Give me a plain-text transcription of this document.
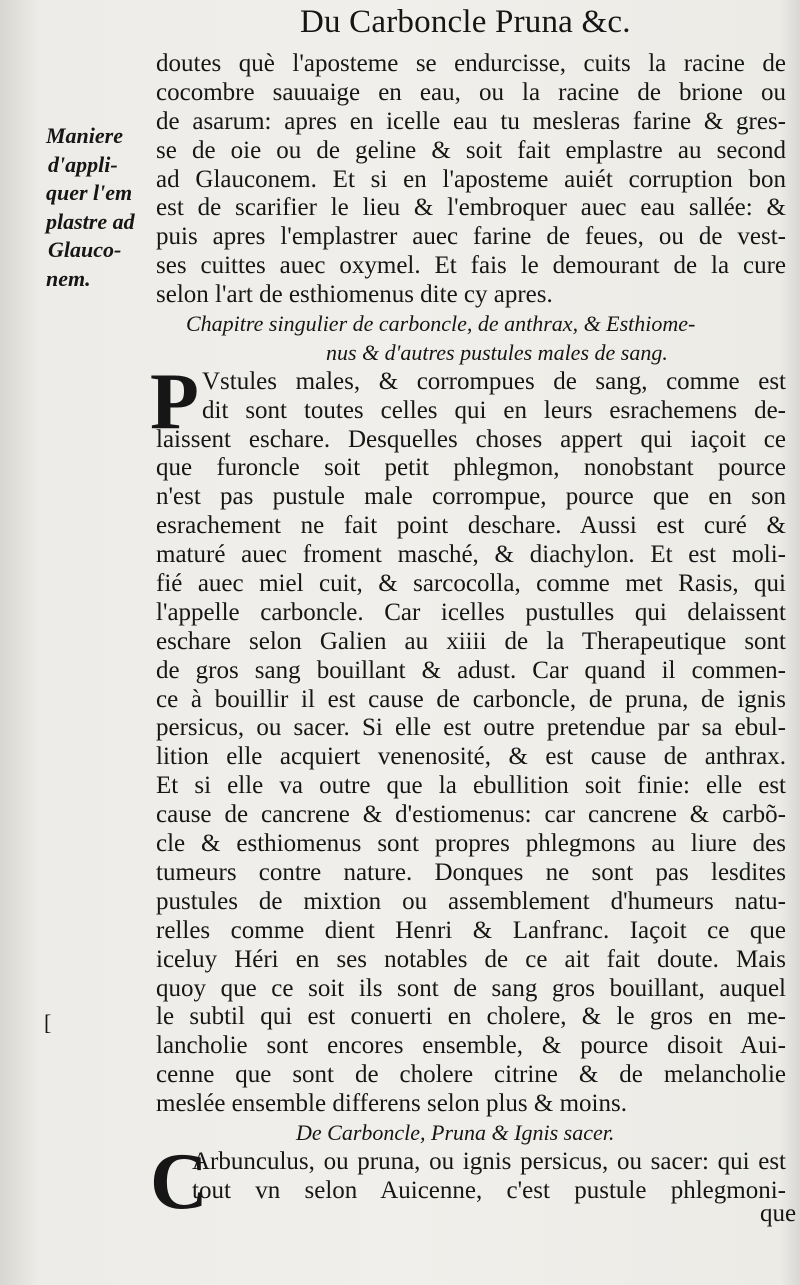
Du Carboncle Pruna &c.
Maniere
d'appli-
quer l'em
plastre ad
Glauco-
nem.
[
doutes què l'aposteme se endurcisse, cuits la racine de
cocombre sauuaige en eau, ou la racine de brione ou
de asarum: apres en icelle eau tu mesleras farine & gres-
se de oie ou de geline & soit fait emplastre au second
ad Glauconem. Et si en l'aposteme auiét corruption bon
est de scarifier le lieu & l'embroquer auec eau sallée: &
puis apres l'emplastrer auec farine de feues, ou de vest-
ses cuittes auec oxymel. Et fais le demourant de la cure
selon l'art de esthiomenus dite cy apres.
Chapitre singulier de carboncle, de anthrax, & Esthiome-
nus & d'autres pustules males de sang.
P Vstules males, & corrompues de sang, comme est
dit sont toutes celles qui en leurs esrachemens de-
laissent eschare. Desquelles choses appert qui iaçoit ce
que furoncle soit petit phlegmon, nonobstant pource
n'est pas pustule male corrompue, pource que en son
esrachement ne fait point deschare. Aussi est curé &
maturé auec froment masché, & diachylon. Et est moli-
fié auec miel cuit, & sarcocolla, comme met Rasis, qui
l'appelle carboncle. Car icelles pustulles qui delaissent
eschare selon Galien au xiiii de la Therapeutique sont
de gros sang bouillant & adust. Car quand il commen-
ce à bouillir il est cause de carboncle, de pruna, de ignis
persicus, ou sacer. Si elle est outre pretendue par sa ebul-
lition elle acquiert venenosité, & est cause de anthrax.
Et si elle va outre que la ebullition soit finie: elle est
cause de cancrene & d'estiomenus: car cancrene & carbõ-
cle & esthiomenus sont propres phlegmons au liure des
tumeurs contre nature. Donques ne sont pas lesdites
pustules de mixtion ou assemblement d'humeurs natu-
relles comme dient Henri & Lanfranc. Iaçoit ce que
iceluy Héri en ses notables de ce ait fait doute. Mais
quoy que ce soit ils sont de sang gros bouillant, auquel
le subtil qui est conuerti en cholere, & le gros en me-
lancholie sont encores ensemble, & pource disoit Aui-
cenne que sont de cholere citrine & de melancholie
meslée ensemble differens selon plus & moins.
De Carboncle, Pruna & Ignis sacer.
C
Arbunculus, ou pruna, ou ignis persicus, ou sacer: qui est
tout vn selon Auicenne, c'est pustule phlegmoni-
que
